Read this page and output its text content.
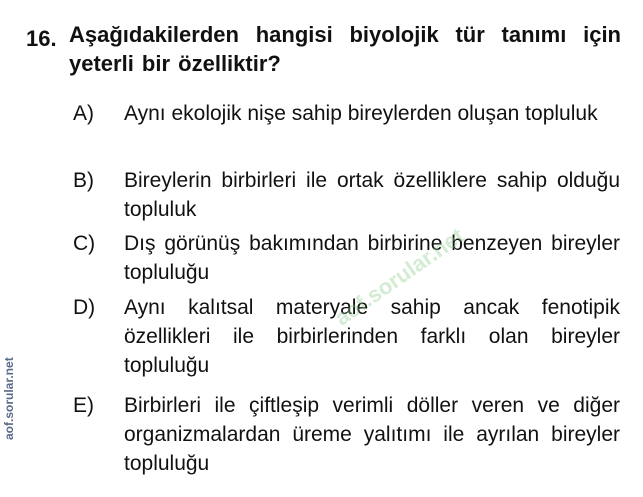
16. Aşağıdakilerden hangisi biyolojik tür tanımı için yeterli bir özelliktir?
A) Aynı ekolojik nişe sahip bireylerden oluşan topluluk
B) Bireylerin birbirleri ile ortak özelliklere sahip olduğu topluluk
C) Dış görünüş bakımından birbirine benzeyen bireyler topluluğu
D) Aynı kalıtsal materyale sahip ancak fenotipik özellikleri ile birbirlerinden farklı olan bireyler topluluğu
E) Birbirleri ile çiftleşip verimli döller veren ve diğer organizmalardan üreme yalıtımı ile ayrılan bireyler topluluğu
aof.sorular.net
aof.sorular.net
